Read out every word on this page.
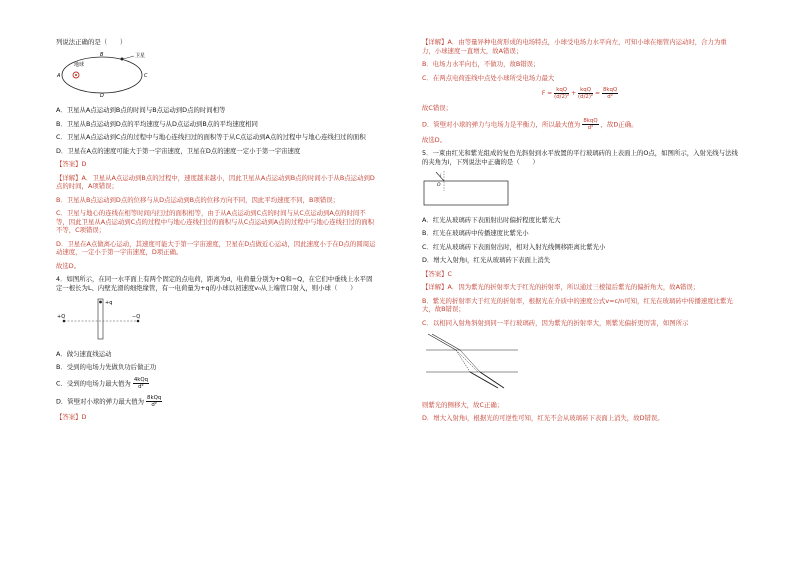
列说法正确的是（　　）
地球
卫星
A
B
C
D
A．卫星从A点运动到B点的时间与B点运动到D点的时间相等
B．卫星从B点运动到D点的平均速度与从D点运动到B点的平均速度相同
C．卫星从A点运动到C点的过程中与地心连线扫过的面积等于从C点运动到A点的过程中与地心连线扫过的面积
D．卫星在A点的速度可能大于第一宇宙速度，卫星在D点的速度一定小于第一宇宙速度
【答案】D
【详解】A．卫星从A点运动到B点的过程中，速度越来越小，因此卫星从A点运动到B点的时间小于从B点运动到D点的时间，A项错误；
B．卫星从B点运动到D点的位移与从D点运动到B点的位移方向不同，因此平均速度不同，B项错误；
C．卫星与地心的连线在相等时间内扫过的面积相等，由于从A点运动到C点的时间与从C点运动到A点的时间不等，因此卫星从A点运动到C点的过程中与地心连线扫过的面积与从C点运动到A点的过程中与地心连线扫过的面积不等，C项错误；
D．卫星在A点做离心运动，其速度可能大于第一宇宙速度，卫星在D点做近心运动，因此速度小于在D点的圆周运动速度，一定小于第一宇宙速度，D项正确。
故选D。
4．如图所示，在同一水平面上有两个固定的点电荷，距离为d，电荷量分别为+Q和−Q，在它们中垂线上水平固定一根长为L、内壁光滑的细绝缘管，有一电荷量为+q的小球以初速度v₀从上端管口射入，则小球（　　）
+Q	−Q
+q
A．做匀速直线运动
B．受到的电场力先做负功后做正功
C．受到的电场力最大值为 $\frac{\text{4kQq}}{\text{d²}}$
D．管壁对小球的弹力最大值为 $\frac{\text{8kQq}}{\text{d²}}$
【答案】D
【详解】A．由等量异种电荷形成的电场特点，小球受电场力水平向左，可知小球在细管内运动时，合力为重力，小球速度一直增大，故A错误；
B．电场力水平向右，不做功，故B错误；
C．在两点电荷连线中点处小球所受电场力最大
$F = \frac{\text{kqQ}}{\text{(d/2)²}} + \frac{\text{kqQ}}{\text{(d/2)²}} = \frac{\text{8kqQ}}{\text{d²}}$
故C错误；
D．管壁对小球的弹力与电场力是平衡力，所以最大值为 $\frac{\text{8kqQ}}{\text{d²}}$ ，故D正确。
故选D。
5．一束由红光和紫光组成的复色光斜射到水平放置的平行玻璃砖的上表面上的O点，如图所示，入射光线与法线的夹角为i，下列说法中正确的是（　　）
O
i
A．红光从玻璃砖下表面射出时偏折程度比紫光大
B．红光在玻璃砖中传播速度比紫光小
C．红光从玻璃砖下表面射出时，相对入射光线侧移距离比紫光小
D．增大入射角i，红光从玻璃砖下表面上消失
【答案】C
【详解】A．因为紫光的折射率大于红光的折射率，所以通过三棱镜后紫光的偏折角大，故A错误；
B．紫光的折射率大于红光的折射率，根据光在介质中的速度公式v=c/n可知，红光在玻璃砖中传播速度比紫光大，故B错误；
C．以相同入射角斜射到同一平行玻璃砖，因为紫光的折射率大，则紫光偏折更厉害，如图所示
则紫光的侧移大，故C正确；
D．增大入射角i，根据光的可逆性可知，红光不会从玻璃砖下表面上消失，故D错误。
